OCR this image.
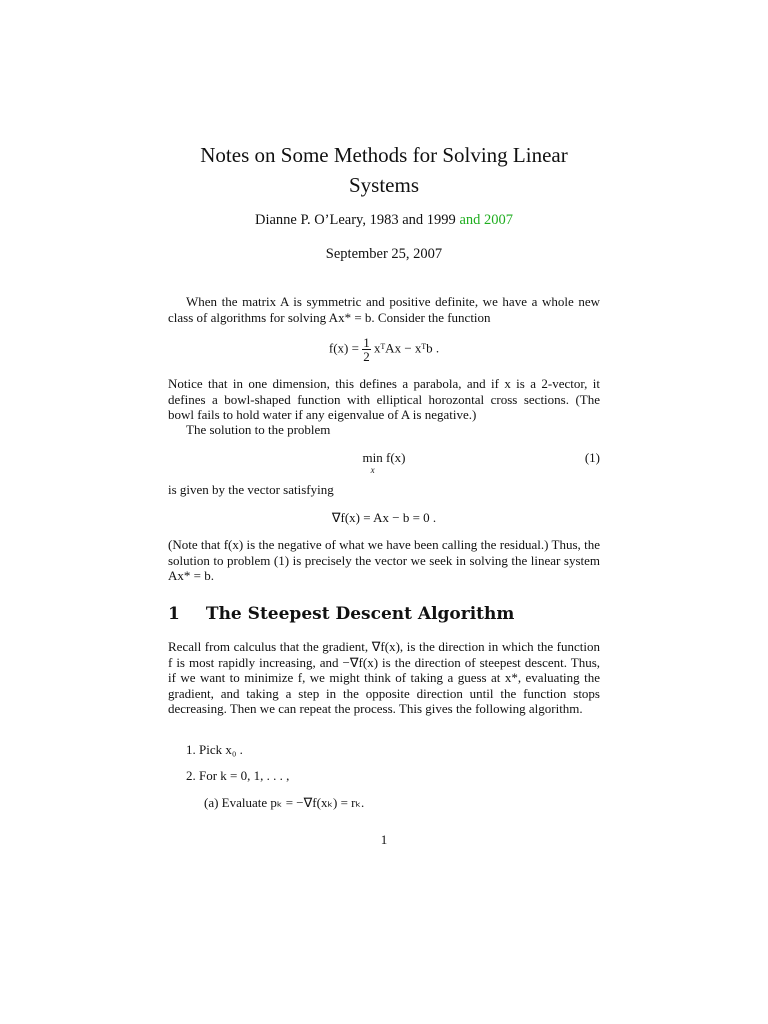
Notes on Some Methods for Solving Linear
Systems
Dianne P. O’Leary, 1983 and 1999 and 2007
September 25, 2007
When the matrix A is symmetric and positive definite, we have a whole new class of algorithms for solving Ax* = b. Consider the function
$f(x) = \frac{1}{2}$ xᵀAx − xᵀb .
Notice that in one dimension, this defines a parabola, and if x is a 2-vector, it defines a bowl-shaped function with elliptical horozontal cross sections. (The bowl fails to hold water if any eigenvalue of A is negative.)
The solution to the problem
min
x
f(x)	(1)
is given by the vector satisfying
∇f(x) = Ax − b = 0 .
(Note that f(x) is the negative of what we have been calling the residual.) Thus, the solution to problem (1) is precisely the vector we seek in solving the linear system Ax* = b.
1 The Steepest Descent Algorithm
Recall from calculus that the gradient, ∇f(x), is the direction in which the function f is most rapidly increasing, and −∇f(x) is the direction of steepest descent. Thus, if we want to minimize f, we might think of taking a guess at x*, evaluating the gradient, and taking a step in the opposite direction until the function stops decreasing. Then we can repeat the process. This gives the following algorithm.
1. Pick x₀ .
2. For k = 0, 1, . . . ,
(a) Evaluate pₖ = −∇f(xₖ) = rₖ.
1
